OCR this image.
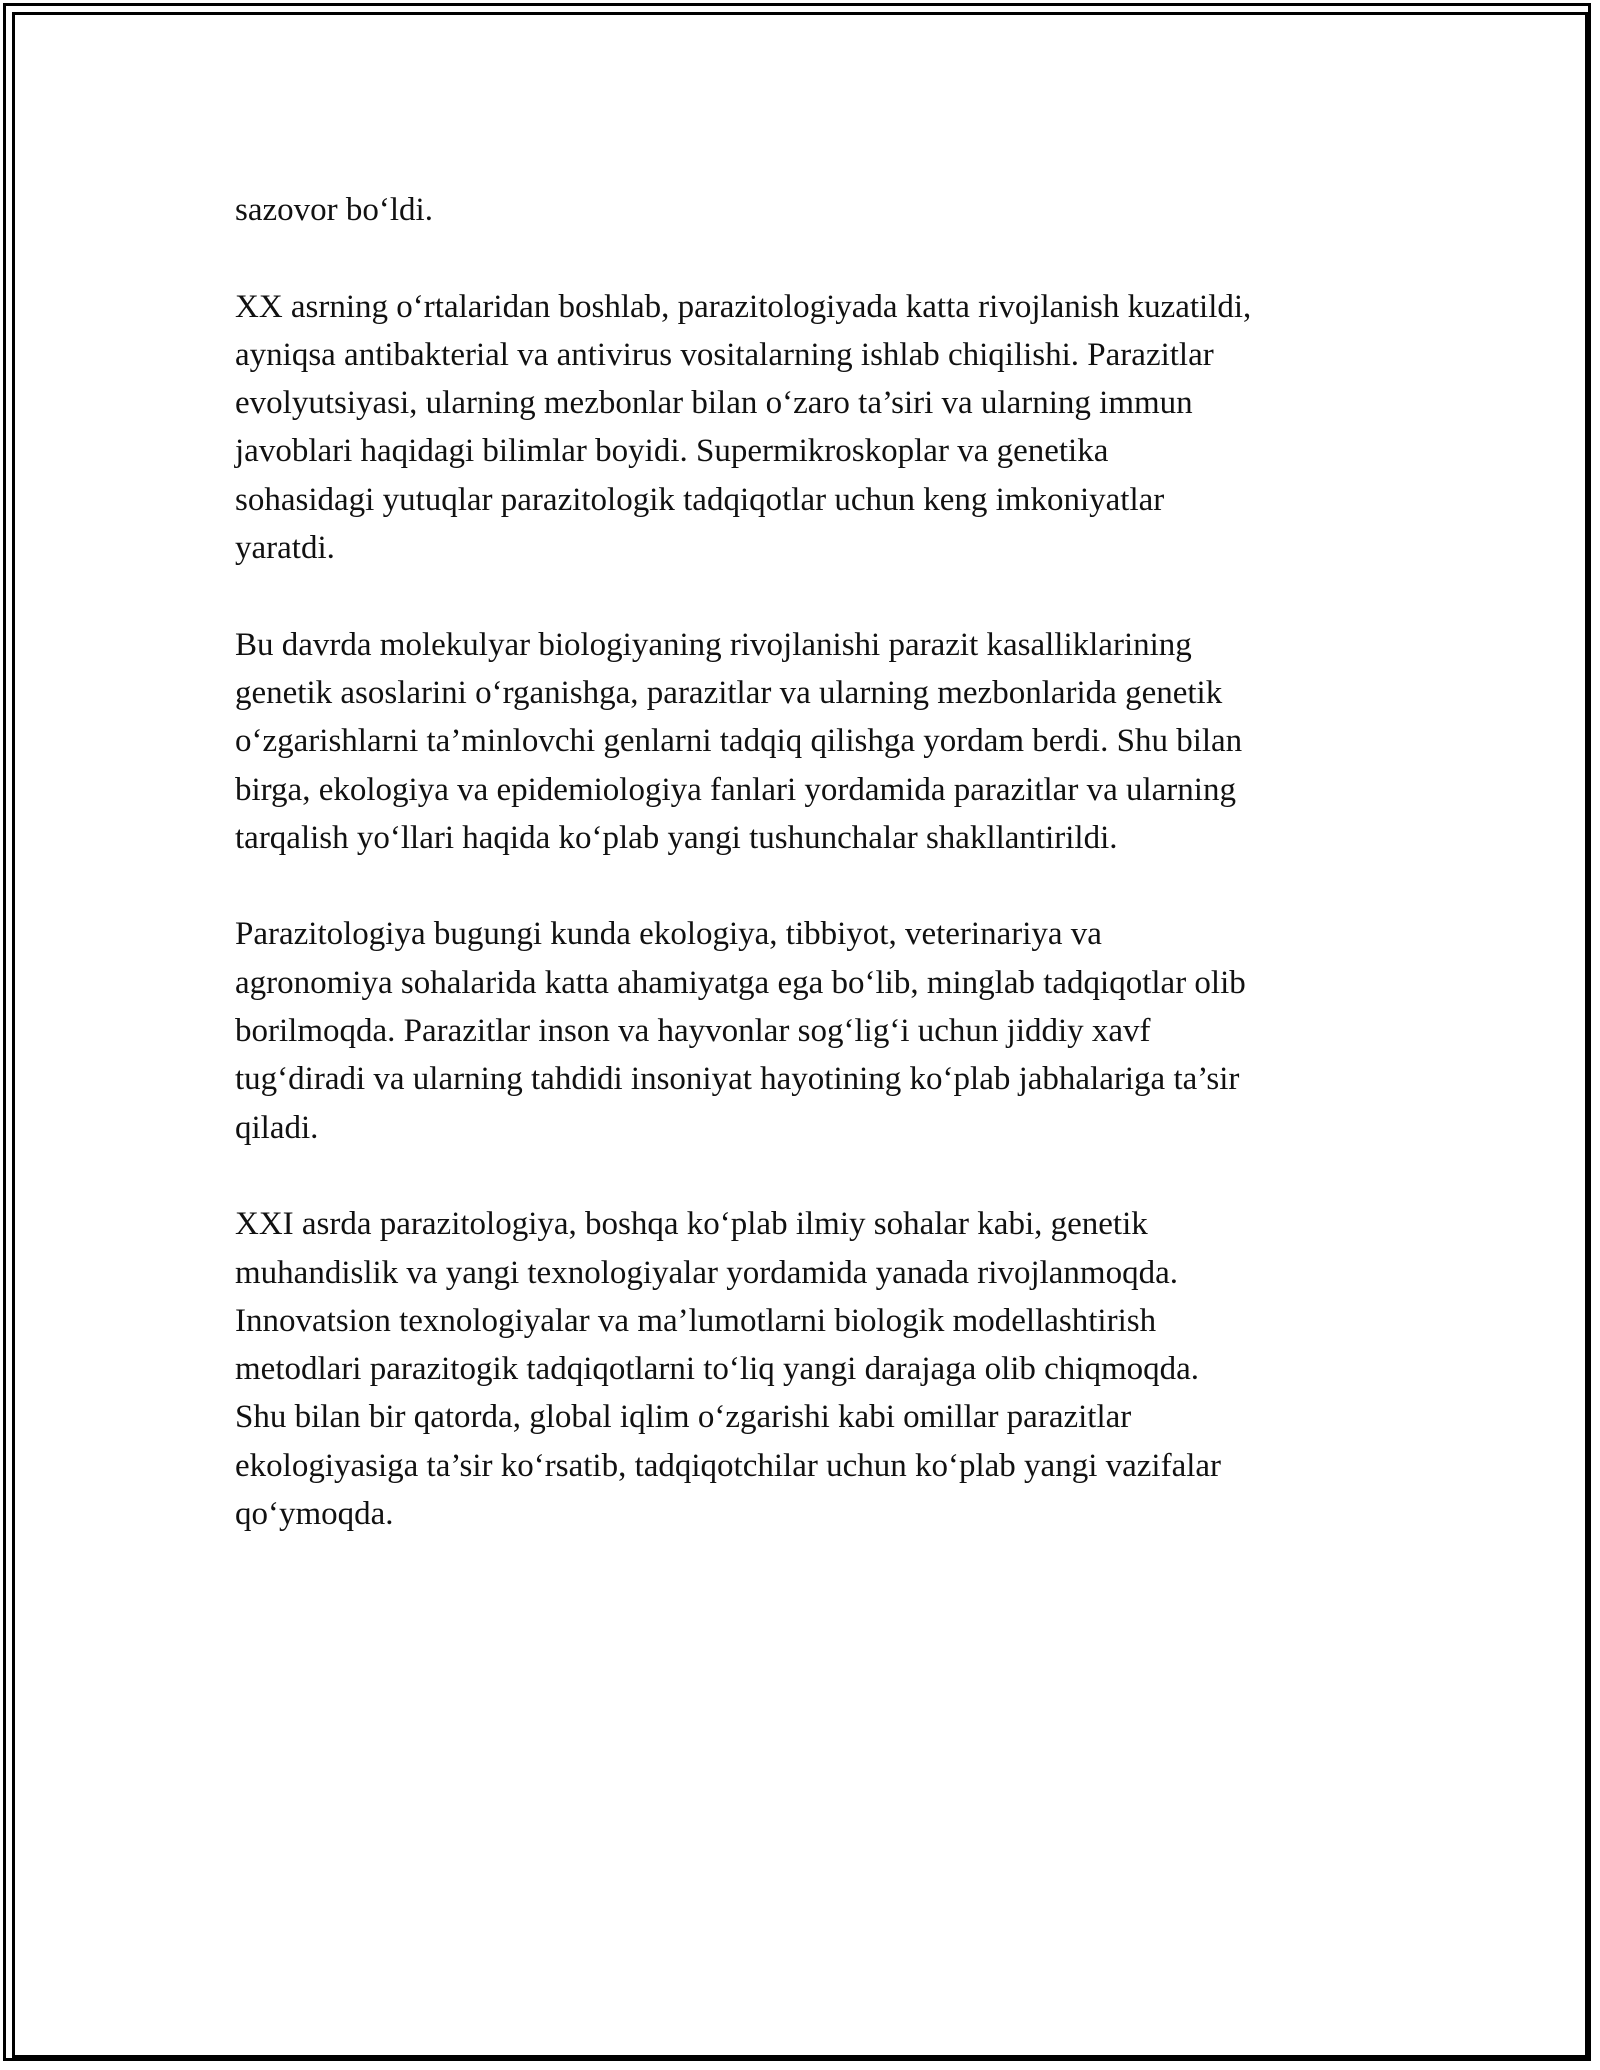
sazovor bo‘ldi.

XX asrning o‘rtalaridan boshlab, parazitologiyada katta rivojlanish kuzatildi,
ayniqsa antibakterial va antivirus vositalarning ishlab chiqilishi. Parazitlar
evolyutsiyasi, ularning mezbonlar bilan o‘zaro ta’siri va ularning immun
javoblari haqidagi bilimlar boyidi. Supermikroskoplar va genetika
sohasidagi yutuqlar parazitologik tadqiqotlar uchun keng imkoniyatlar
yaratdi.

Bu davrda molekulyar biologiyaning rivojlanishi parazit kasalliklarining
genetik asoslarini o‘rganishga, parazitlar va ularning mezbonlarida genetik
o‘zgarishlarni ta’minlovchi genlarni tadqiq qilishga yordam berdi. Shu bilan
birga, ekologiya va epidemiologiya fanlari yordamida parazitlar va ularning
tarqalish yo‘llari haqida ko‘plab yangi tushunchalar shakllantirildi.

Parazitologiya bugungi kunda ekologiya, tibbiyot, veterinariya va
agronomiya sohalarida katta ahamiyatga ega bo‘lib, minglab tadqiqotlar olib
borilmoqda. Parazitlar inson va hayvonlar sog‘lig‘i uchun jiddiy xavf
tug‘diradi va ularning tahdidi insoniyat hayotining ko‘plab jabhalariga ta’sir
qiladi.

XXI asrda parazitologiya, boshqa ko‘plab ilmiy sohalar kabi, genetik
muhandislik va yangi texnologiyalar yordamida yanada rivojlanmoqda.
Innovatsion texnologiyalar va ma’lumotlarni biologik modellashtirish
metodlari parazitogik tadqiqotlarni to‘liq yangi darajaga olib chiqmoqda.
Shu bilan bir qatorda, global iqlim o‘zgarishi kabi omillar parazitlar
ekologiyasiga ta’sir ko‘rsatib, tadqiqotchilar uchun ko‘plab yangi vazifalar
qo‘ymoqda.
